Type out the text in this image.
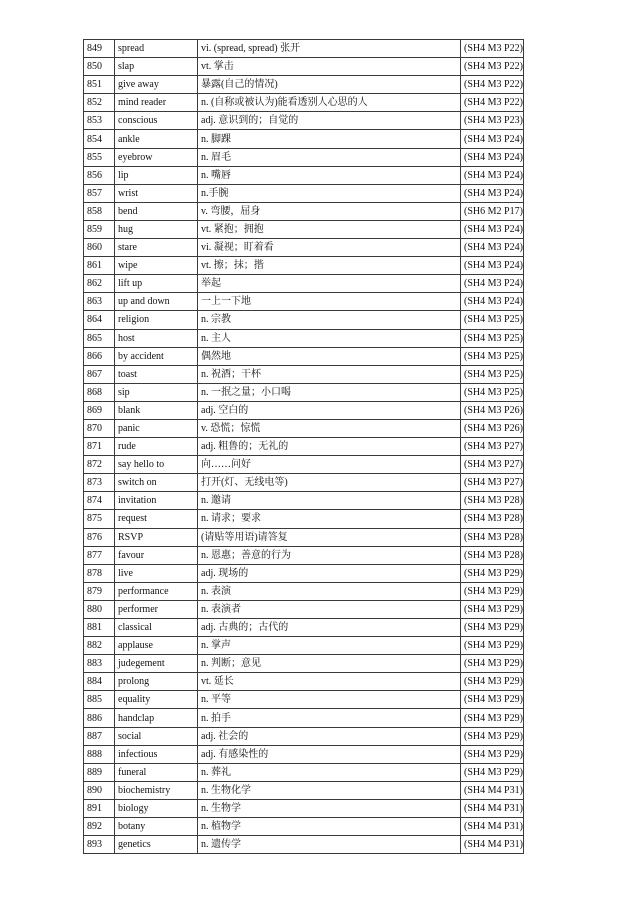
849	spread	vi. (spread, spread) 张开	(SH4 M3 P22)
850	slap	vt. 掌击	(SH4 M3 P22)
851	give away	暴露(自己的情况)	(SH4 M3 P22)
852	mind reader	n. (自称或被认为)能看透别人心思的人	(SH4 M3 P22)
853	conscious	adj. 意识到的；自觉的	(SH4 M3 P23)
854	ankle	n. 脚踝	(SH4 M3 P24)
855	eyebrow	n. 眉毛	(SH4 M3 P24)
856	lip	n. 嘴唇	(SH4 M3 P24)
857	wrist	n.手腕	(SH4 M3 P24)
858	bend	v. 弯腰，屈身	(SH6 M2 P17)
859	hug	vt. 紧抱；拥抱	(SH4 M3 P24)
860	stare	vi. 凝视；盯着看	(SH4 M3 P24)
861	wipe	vt. 擦；抹；揩	(SH4 M3 P24)
862	lift up	举起	(SH4 M3 P24)
863	up and down	一上一下地	(SH4 M3 P24)
864	religion	n. 宗教	(SH4 M3 P25)
865	host	n. 主人	(SH4 M3 P25)
866	by accident	偶然地	(SH4 M3 P25)
867	toast	n. 祝酒；干杯	(SH4 M3 P25)
868	sip	n. 一抿之量；小口喝	(SH4 M3 P25)
869	blank	adj. 空白的	(SH4 M3 P26)
870	panic	v. 恐慌；惊慌	(SH4 M3 P26)
871	rude	adj. 粗鲁的；无礼的	(SH4 M3 P27)
872	say hello to	向……问好	(SH4 M3 P27)
873	switch on	打开(灯、无线电等)	(SH4 M3 P27)
874	invitation	n. 邀请	(SH4 M3 P28)
875	request	n. 请求；要求	(SH4 M3 P28)
876	RSVP	(请贴等用语)请答复	(SH4 M3 P28)
877	favour	n. 恩惠；善意的行为	(SH4 M3 P28)
878	live	adj. 现场的	(SH4 M3 P29)
879	performance	n. 表演	(SH4 M3 P29)
880	performer	n. 表演者	(SH4 M3 P29)
881	classical	adj. 古典的；古代的	(SH4 M3 P29)
882	applause	n. 掌声	(SH4 M3 P29)
883	judegement	n. 判断；意见	(SH4 M3 P29)
884	prolong	vt. 延长	(SH4 M3 P29)
885	equality	n. 平等	(SH4 M3 P29)
886	handclap	n. 拍手	(SH4 M3 P29)
887	social	adj. 社会的	(SH4 M3 P29)
888	infectious	adj. 有感染性的	(SH4 M3 P29)
889	funeral	n. 葬礼	(SH4 M3 P29)
890	biochemistry	n. 生物化学	(SH4 M4 P31)
891	biology	n. 生物学	(SH4 M4 P31)
892	botany	n. 植物学	(SH4 M4 P31)
893	genetics	n. 遗传学	(SH4 M4 P31)
